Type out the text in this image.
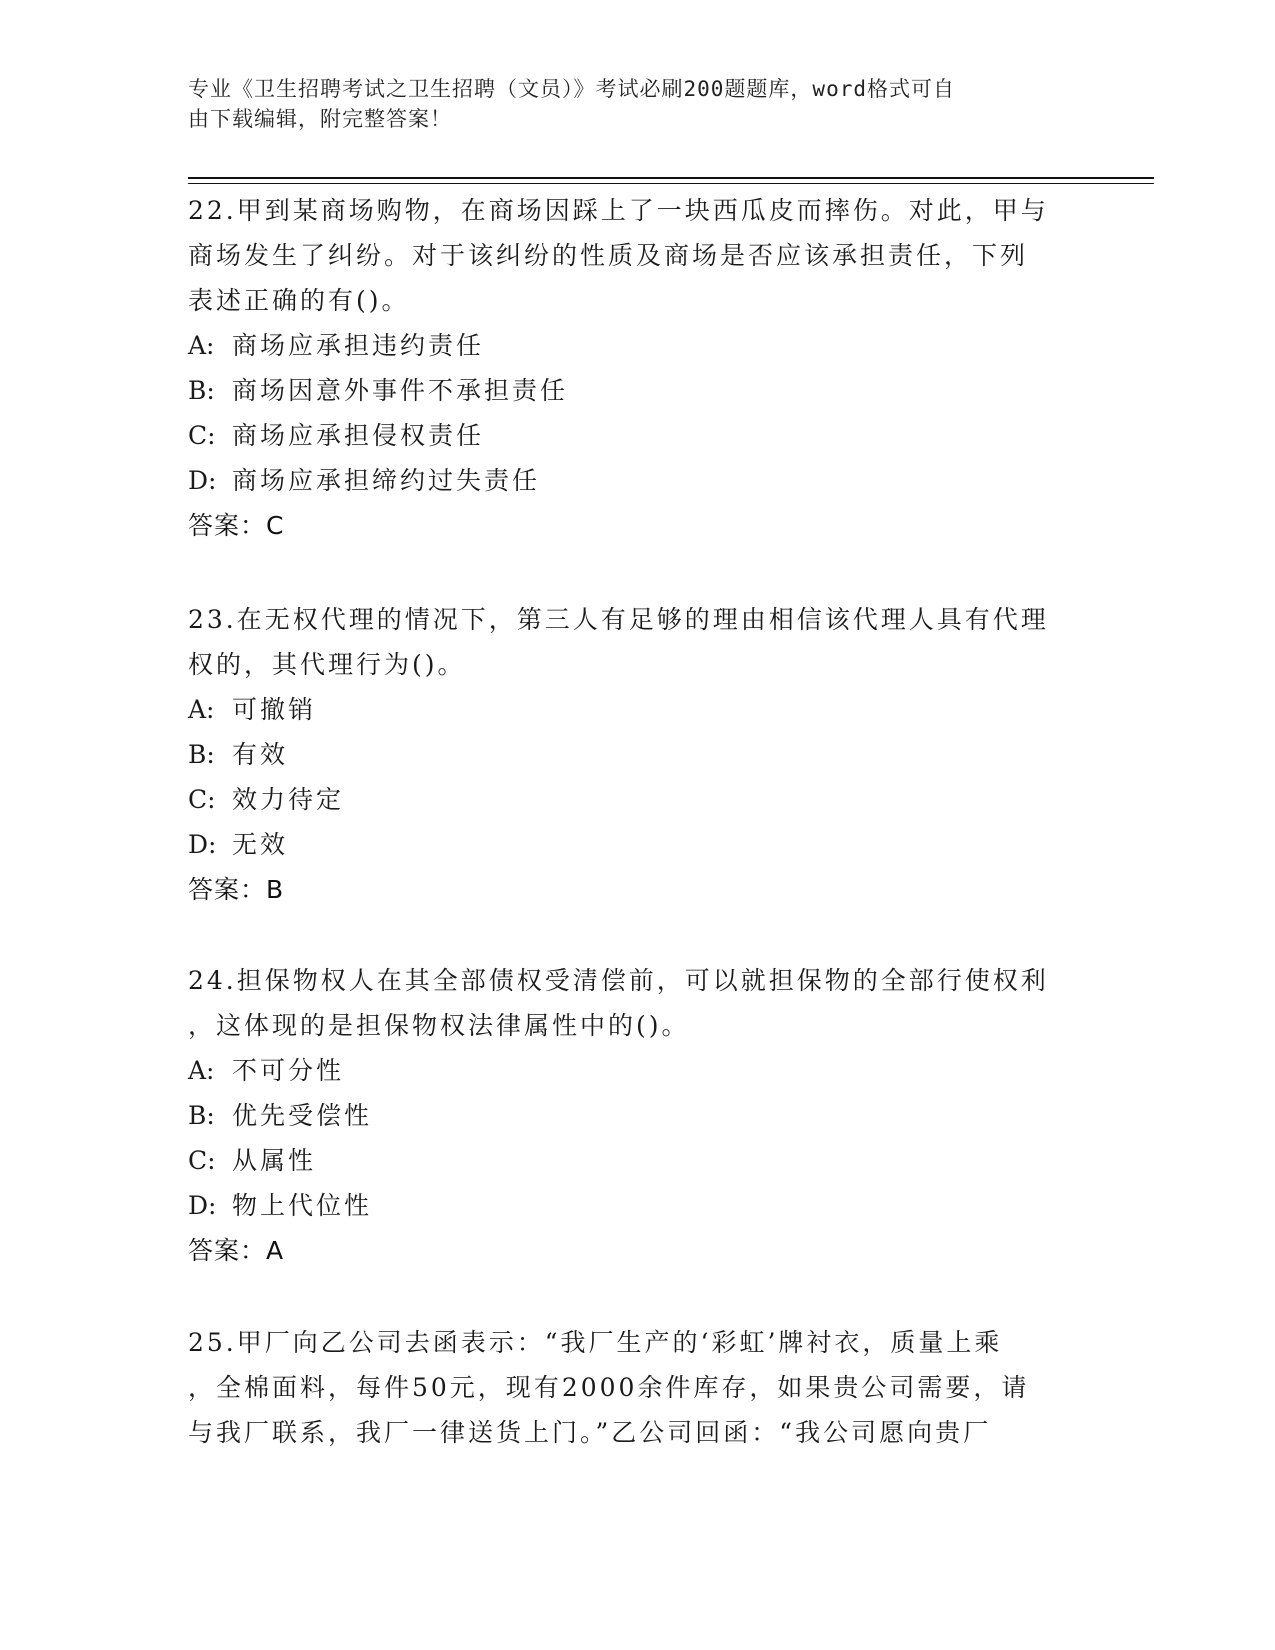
专业《卫生招聘考试之卫生招聘（文员）》考试必刷200题题库，word格式可自
由下载编辑，附完整答案！

22.甲到某商场购物，在商场因踩上了一块西瓜皮而摔伤。对此，甲与

商场发生了纠纷。对于该纠纷的性质及商场是否应该承担责任，下列

表述正确的有()。

A: 商场应承担违约责任

B: 商场因意外事件不承担责任

C: 商场应承担侵权责任

D: 商场应承担缔约过失责任

答案：C

23.在无权代理的情况下，第三人有足够的理由相信该代理人具有代理

权的，其代理行为()。

A: 可撤销

B: 有效

C: 效力待定

D: 无效

答案：B

24.担保物权人在其全部债权受清偿前，可以就担保物的全部行使权利

，这体现的是担保物权法律属性中的()。

A: 不可分性

B: 优先受偿性

C: 从属性

D: 物上代位性

答案：A

25.甲厂向乙公司去函表示：“我厂生产的‘彩虹’牌衬衣，质量上乘

，全棉面料，每件50元，现有2000余件库存，如果贵公司需要，请

与我厂联系，我厂一律送货上门。”乙公司回函：“我公司愿向贵厂
